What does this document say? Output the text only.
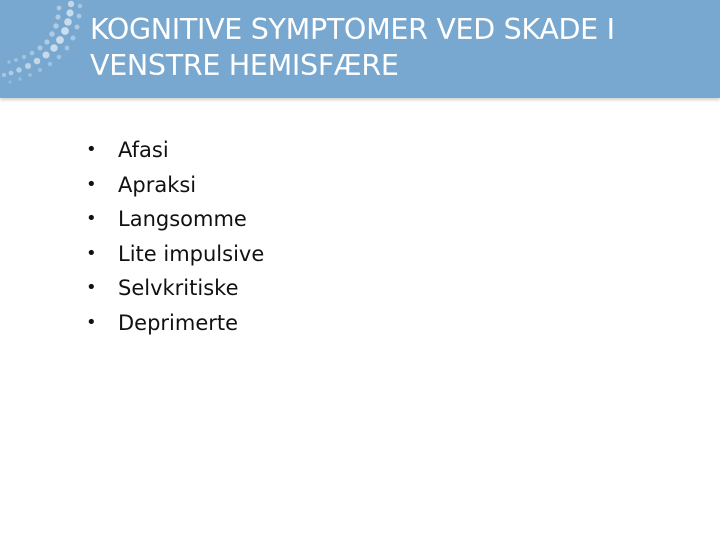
KOGNITIVE SYMPTOMER VED SKADE I VENSTRE HEMISFÆRE
• Afasi
• Apraksi
• Langsomme
• Lite impulsive
• Selvkritiske
• Deprimerte
